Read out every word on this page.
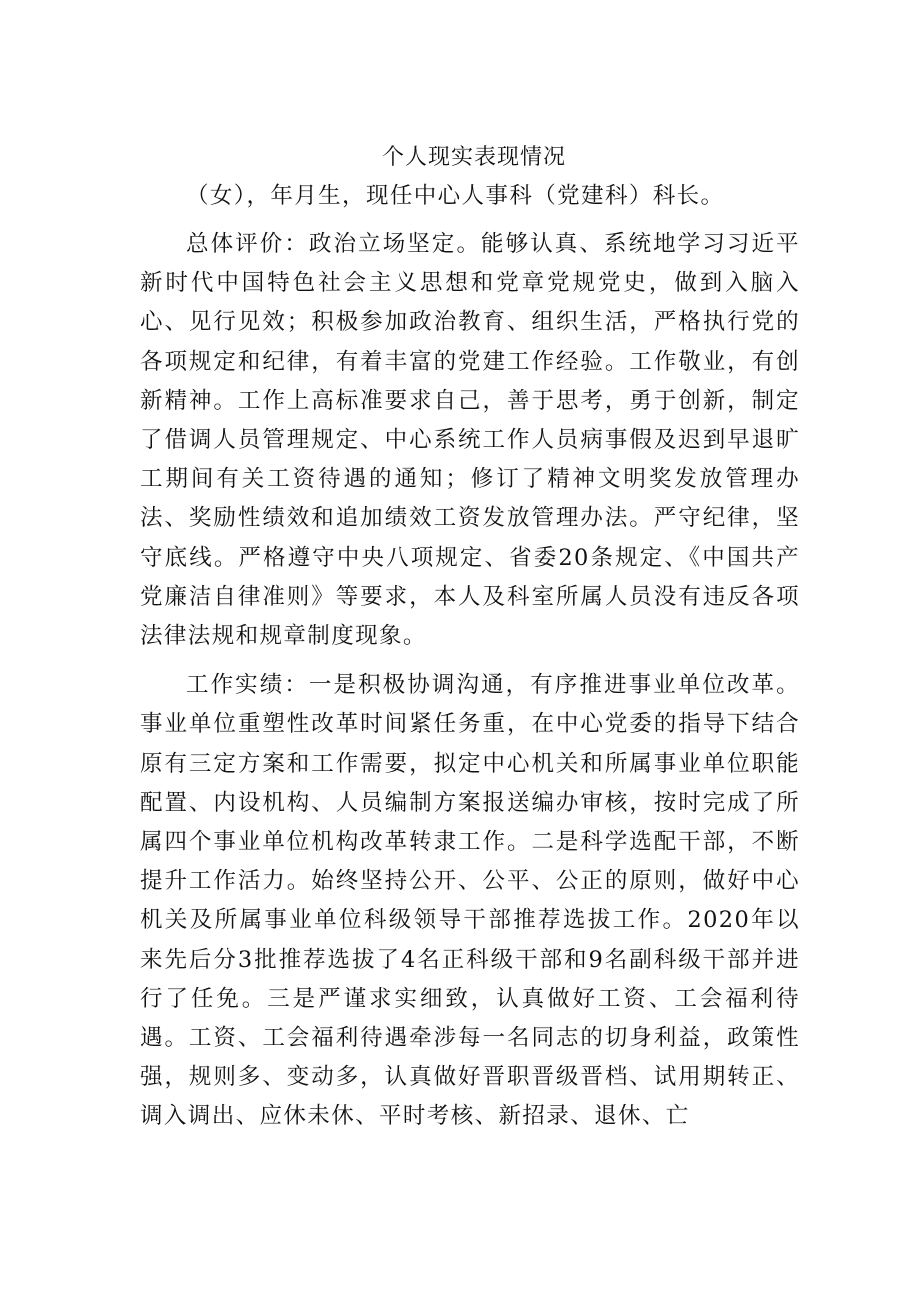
个人现实表现情况

（女），年月生，现任中心人事科（党建科）科长。

总体评价：政治立场坚定。能够认真、系统地学习习近平新时代中国特色社会主义思想和党章党规党史，做到入脑入心、见行见效；积极参加政治教育、组织生活，严格执行党的各项规定和纪律，有着丰富的党建工作经验。工作敬业，有创新精神。工作上高标准要求自己，善于思考，勇于创新，制定了借调人员管理规定、中心系统工作人员病事假及迟到早退旷工期间有关工资待遇的通知；修订了精神文明奖发放管理办法、奖励性绩效和追加绩效工资发放管理办法。严守纪律，坚守底线。严格遵守中央八项规定、省委20条规定、《中国共产党廉洁自律准则》等要求，本人及科室所属人员没有违反各项法律法规和规章制度现象。

工作实绩：一是积极协调沟通，有序推进事业单位改革。事业单位重塑性改革时间紧任务重，在中心党委的指导下结合原有三定方案和工作需要，拟定中心机关和所属事业单位职能配置、内设机构、人员编制方案报送编办审核，按时完成了所属四个事业单位机构改革转隶工作。二是科学选配干部，不断提升工作活力。始终坚持公开、公平、公正的原则，做好中心机关及所属事业单位科级领导干部推荐选拔工作。2020年以来先后分3批推荐选拔了4名正科级干部和9名副科级干部并进行了任免。三是严谨求实细致，认真做好工资、工会福利待遇。工资、工会福利待遇牵涉每一名同志的切身利益，政策性强，规则多、变动多，认真做好晋职晋级晋档、试用期转正、调入调出、应休未休、平时考核、新招录、退休、亡
